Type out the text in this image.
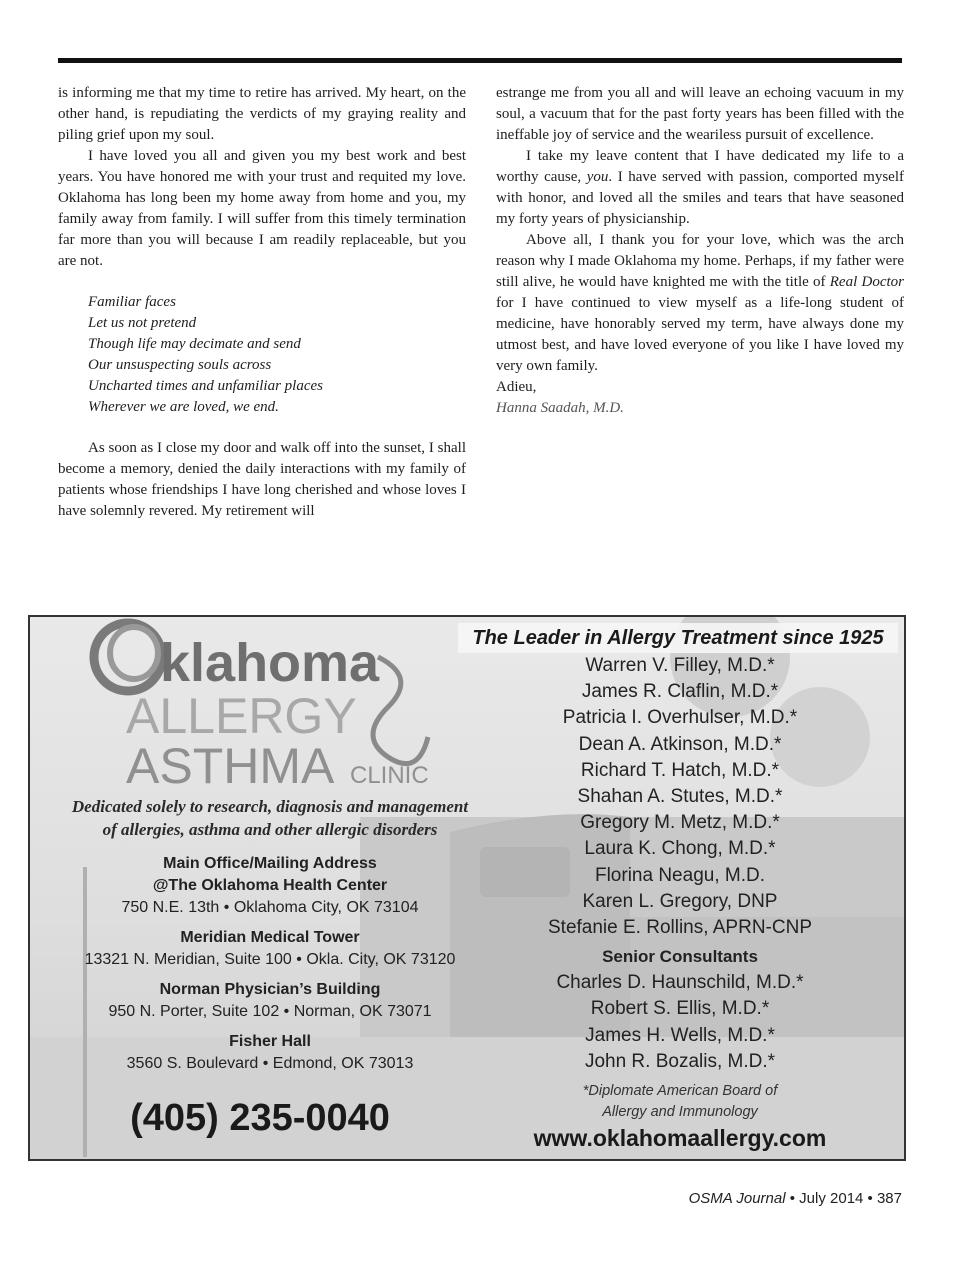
is informing me that my time to retire has arrived. My heart, on the other hand, is repudiating the verdicts of my graying reality and piling grief upon my soul.

I have loved you all and given you my best work and best years. You have honored me with your trust and requited my love. Oklahoma has long been my home away from home and you, my family away from family. I will suffer from this timely termination far more than you will because I am readily replaceable, but you are not.

Familiar faces
Let us not pretend
Though life may decimate and send
Our unsuspecting souls across
Uncharted times and unfamiliar places
Wherever we are loved, we end.

As soon as I close my door and walk off into the sunset, I shall become a memory, denied the daily interactions with my family of patients whose friendships I have long cherished and whose loves I have solemnly revered. My retirement will

estrange me from you all and will leave an echoing vacuum in my soul, a vacuum that for the past forty years has been filled with the ineffable joy of service and the weariless pursuit of excellence.

I take my leave content that I have dedicated my life to a worthy cause, you. I have served with passion, comported myself with honor, and loved all the smiles and tears that have seasoned my forty years of physicianship.

Above all, I thank you for your love, which was the arch reason why I made Oklahoma my home. Perhaps, if my father were still alive, he would have knighted me with the title of Real Doctor for I have continued to view myself as a life-long student of medicine, have honorably served my term, have always done my utmost best, and have loved everyone of you like I have loved my very own family.

Adieu,

Hanna Saadah, M.D.

klahoma
ALLERGY
ASTHMA CLINIC
Dedicated solely to research, diagnosis and management
of allergies, asthma and other allergic disorders
Main Office/Mailing Address
@The Oklahoma Health Center
750 N.E. 13th • Oklahoma City, OK 73104
Meridian Medical Tower
13321 N. Meridian, Suite 100 • Okla. City, OK 73120
Norman Physician’s Building
950 N. Porter, Suite 102 • Norman, OK 73071
Fisher Hall
3560 S. Boulevard • Edmond, OK 73013
(405) 235-0040
The Leader in Allergy Treatment since 1925
Warren V. Filley, M.D.*
James R. Claflin, M.D.*
Patricia I. Overhulser, M.D.*
Dean A. Atkinson, M.D.*
Richard T. Hatch, M.D.*
Shahan A. Stutes, M.D.*
Gregory M. Metz, M.D.*
Laura K. Chong, M.D.*
Florina Neagu, M.D.
Karen L. Gregory, DNP
Stefanie E. Rollins, APRN-CNP
Senior Consultants
Charles D. Haunschild, M.D.*
Robert S. Ellis, M.D.*
James H. Wells, M.D.*
John R. Bozalis, M.D.*
*Diplomate American Board of
Allergy and Immunology
www.oklahomaallergy.com
OSMA Journal • July 2014 • 387
